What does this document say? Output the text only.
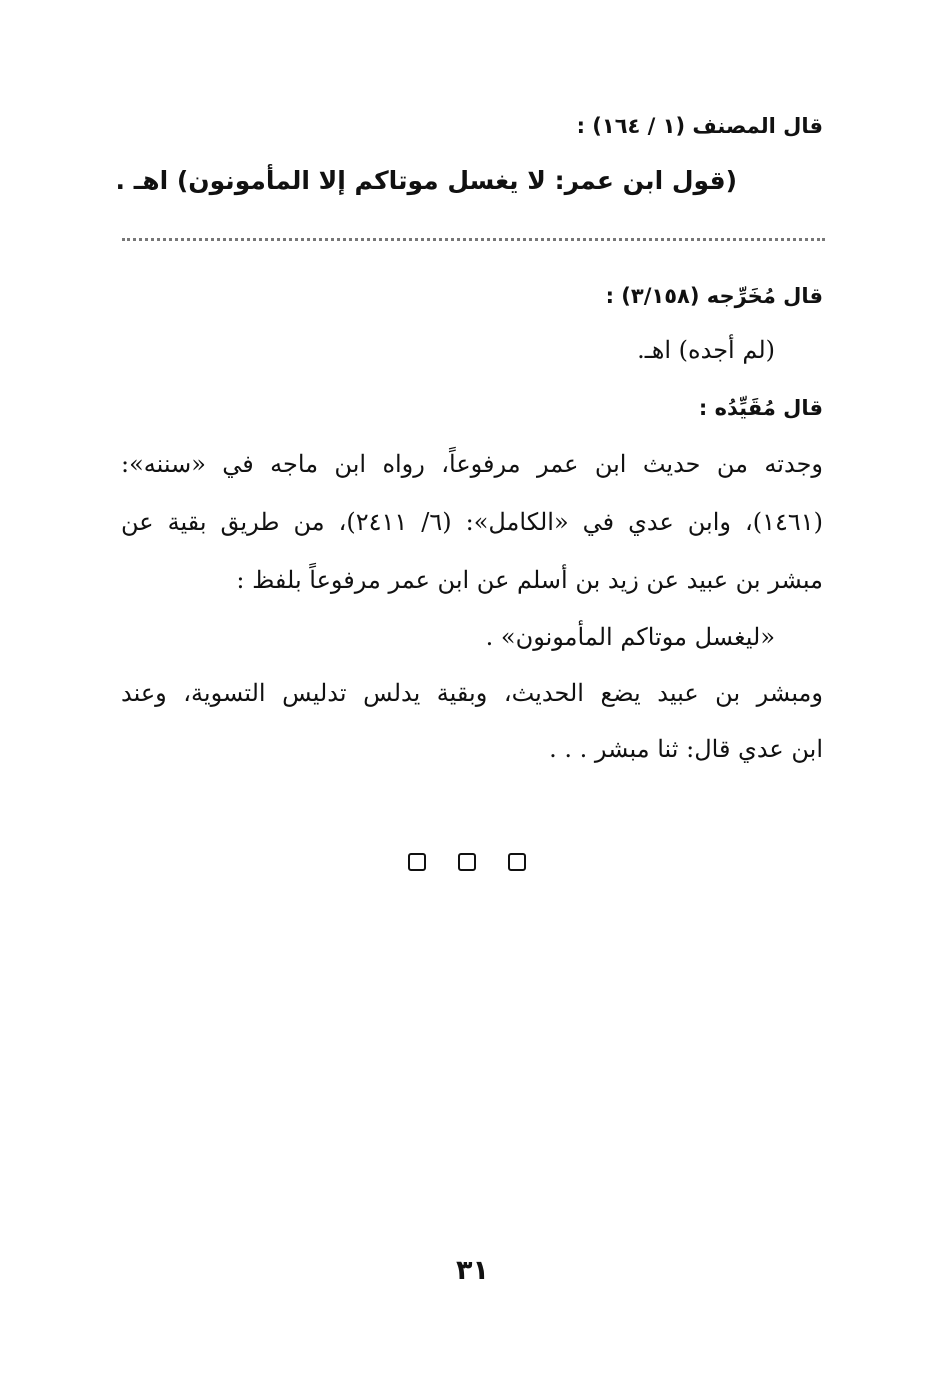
قال المصنف (١ / ١٦٤) :
(قول ابن عمر: لا يغسل موتاكم إلا المأمونون) اهـ .
قال مُخَرِّجه (٣/١٥٨) :
(لم أجده) اهـ.
قال مُقَيِّدُه :
وجدته من حديث ابن عمر مرفوعاً، رواه ابن ماجه في «سننه»:
(١٤٦١)، وابن عدي في «الكامل»: (٦/ ٢٤١١)، من طريق بقية عن
مبشر بن عبيد عن زيد بن أسلم عن ابن عمر مرفوعاً بلفظ :
«ليغسل موتاكم المأمونون» .
ومبشر بن عبيد يضع الحديث، وبقية يدلس تدليس التسوية، وعند
ابن عدي قال: ثنا مبشر . . .
٣١
